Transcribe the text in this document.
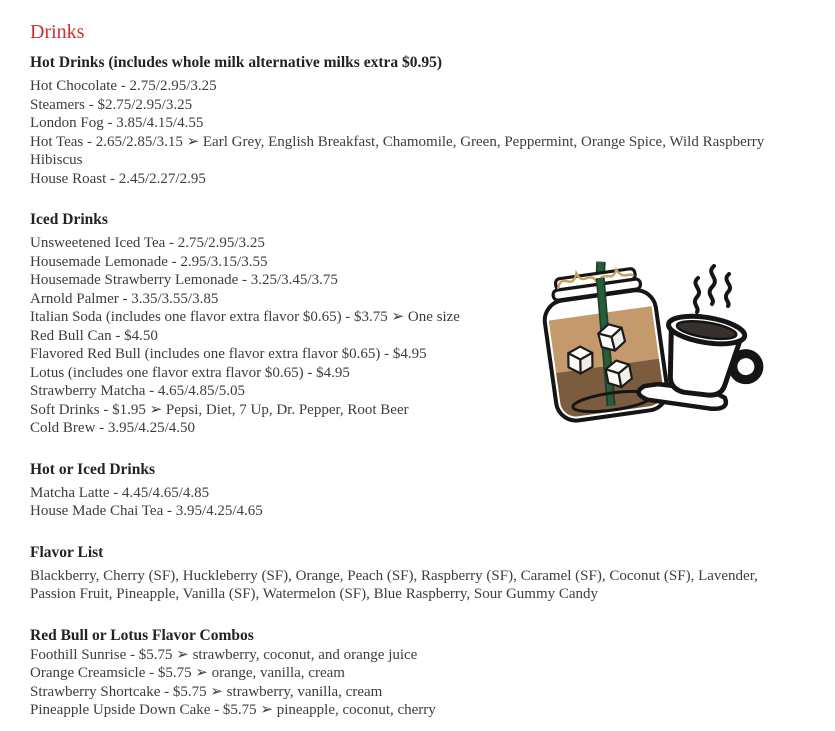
Drinks
Hot Drinks (includes whole milk alternative milks extra $0.95)

Hot Chocolate - 2.75/2.95/3.25

Steamers - $2.75/2.95/3.25

London Fog - 3.85/4.15/4.55

Hot Teas - 2.65/2.85/3.15 ➢ Earl Grey, English Breakfast, Chamomile, Green, Peppermint, Orange Spice, Wild Raspberry Hibiscus

House Roast - 2.45/2.27/2.95

Iced Drinks

Unsweetened Iced Tea - 2.75/2.95/3.25

Housemade Lemonade - 2.95/3.15/3.55

Housemade Strawberry Lemonade - 3.25/3.45/3.75

Arnold Palmer - 3.35/3.55/3.85

Italian Soda (includes one flavor extra flavor $0.65) - $3.75 ➢ One size

Red Bull Can - $4.50

Flavored Red Bull (includes one flavor extra flavor $0.65) - $4.95

Lotus (includes one flavor extra flavor $0.65) - $4.95

Strawberry Matcha - 4.65/4.85/5.05

Soft Drinks - $1.95 ➢ Pepsi, Diet, 7 Up, Dr. Pepper, Root Beer

Cold Brew - 3.95/4.25/4.50

Hot or Iced Drinks

Matcha Latte - 4.45/4.65/4.85

House Made Chai Tea - 3.95/4.25/4.65

Flavor List

Blackberry, Cherry (SF), Huckleberry (SF), Orange, Peach (SF), Raspberry (SF), Caramel (SF), Coconut (SF), Lavender, Passion Fruit, Pineapple, Vanilla (SF), Watermelon (SF), Blue Raspberry, Sour Gummy Candy

Red Bull or Lotus Flavor Combos

Foothill Sunrise - $5.75 ➢ strawberry, coconut, and orange juice

Orange Creamsicle - $5.75 ➢ orange, vanilla, cream

Strawberry Shortcake - $5.75 ➢ strawberry, vanilla, cream

Pineapple Upside Down Cake - $5.75 ➢ pineapple, coconut, cherry
